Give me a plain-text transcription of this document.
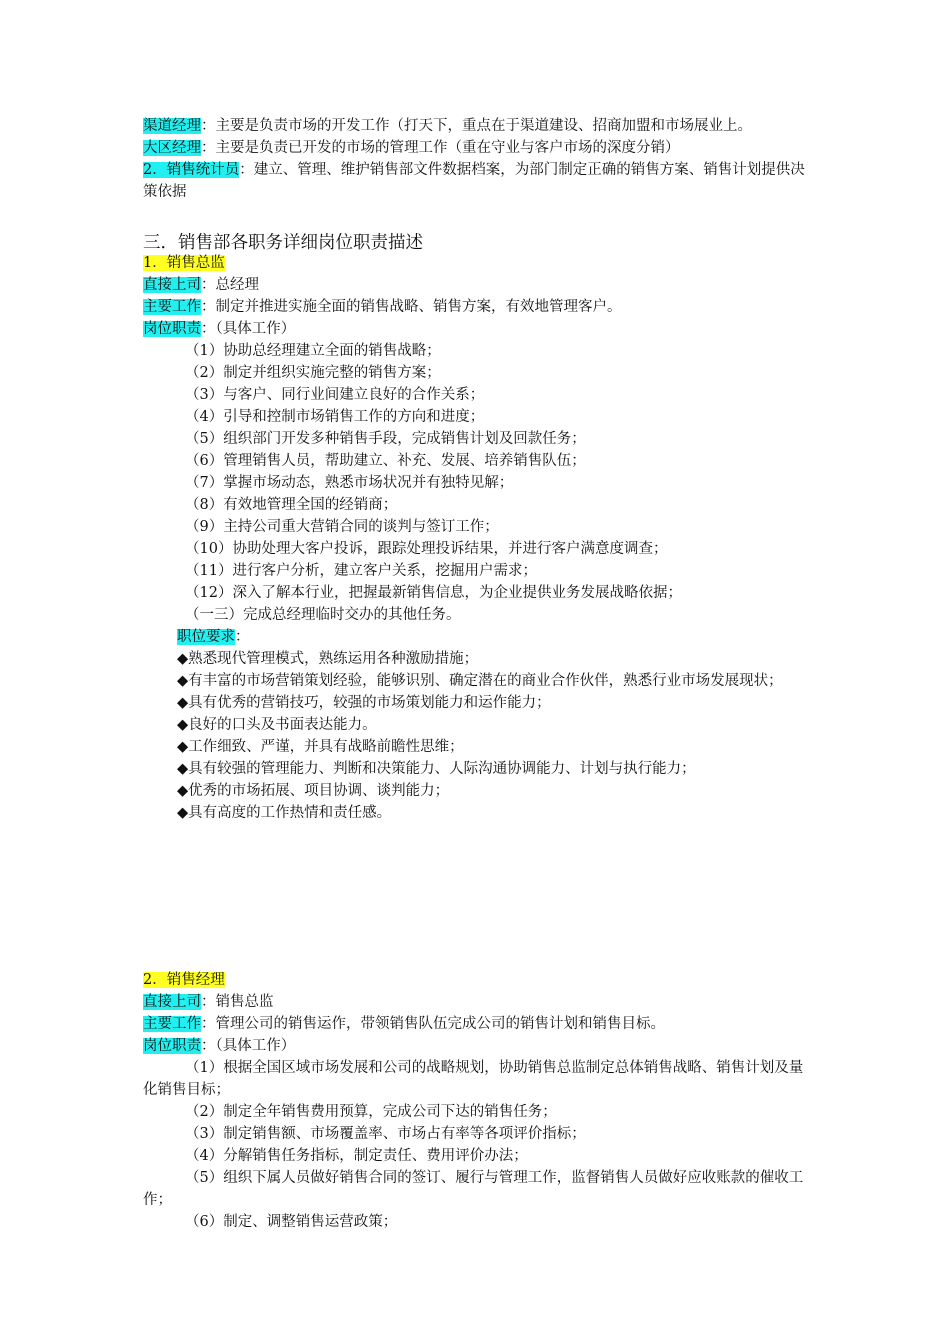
渠道经理：主要是负责市场的开发工作（打天下，重点在于渠道建设、招商加盟和市场展业上。
大区经理：主要是负责已开发的市场的管理工作（重在守业与客户市场的深度分销）
2．销售统计员：建立、管理、维护销售部文件数据档案，为部门制定正确的销售方案、销售计划提供决策依据
三．销售部各职务详细岗位职责描述
1．销售总监
直接上司：总经理
主要工作：制定并推进实施全面的销售战略、销售方案，有效地管理客户。
岗位职责：（具体工作）
（1）协助总经理建立全面的销售战略；
（2）制定并组织实施完整的销售方案；
（3）与客户、同行业间建立良好的合作关系；
（4）引导和控制市场销售工作的方向和进度；
（5）组织部门开发多种销售手段，完成销售计划及回款任务；
（6）管理销售人员，帮助建立、补充、发展、培养销售队伍；
（7）掌握市场动态，熟悉市场状况并有独特见解；
（8）有效地管理全国的经销商；
（9）主持公司重大营销合同的谈判与签订工作；
（10）协助处理大客户投诉，跟踪处理投诉结果，并进行客户满意度调查；
（11）进行客户分析，建立客户关系，挖掘用户需求；
（12）深入了解本行业，把握最新销售信息，为企业提供业务发展战略依据；
（一三）完成总经理临时交办的其他任务。
职位要求：
◆熟悉现代管理模式，熟练运用各种激励措施；
◆有丰富的市场营销策划经验，能够识别、确定潜在的商业合作伙伴，熟悉行业市场发展现状；
◆具有优秀的营销技巧，较强的市场策划能力和运作能力；
◆良好的口头及书面表达能力。
◆工作细致、严谨，并具有战略前瞻性思维；
◆具有较强的管理能力、判断和决策能力、人际沟通协调能力、计划与执行能力；
◆优秀的市场拓展、项目协调、谈判能力；
◆具有高度的工作热情和责任感。
2．销售经理
直接上司：销售总监
主要工作：管理公司的销售运作，带领销售队伍完成公司的销售计划和销售目标。
岗位职责：（具体工作）
（1）根据全国区域市场发展和公司的战略规划，协助销售总监制定总体销售战略、销售计划及量化销售目标；
（2）制定全年销售费用预算，完成公司下达的销售任务；
（3）制定销售额、市场覆盖率、市场占有率等各项评价指标；
（4）分解销售任务指标，制定责任、费用评价办法；
（5）组织下属人员做好销售合同的签订、履行与管理工作，监督销售人员做好应收账款的催收工作；
（6）制定、调整销售运营政策；
